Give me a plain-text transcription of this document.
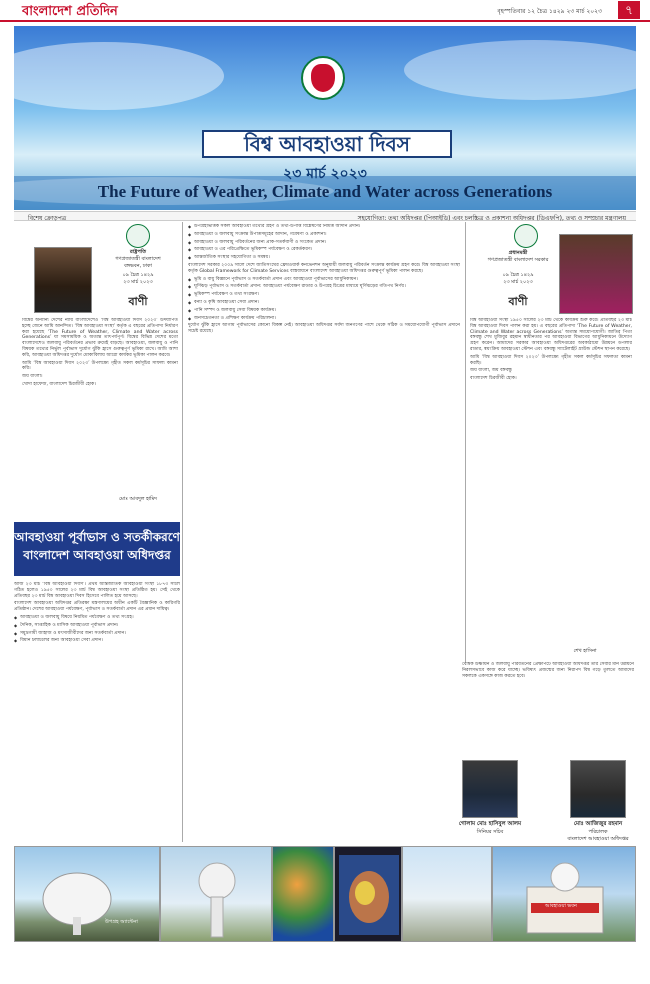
বাংলাদেশ প্রতিদিন	বৃহস্পতিবার ১২ চৈত্র ১৪২৯ ২৩ মার্চ ২০২৩	৭
বিশ্ব আবহাওয়া দিবস
২৩ মার্চ ২০২৩
The Future of Weather, Climate and Water across Generations
বিশেষ ক্রোড়পত্র	সহযোগিতা: তথ্য অধিদপ্তর (পিআইডি) এবং চলচ্চিত্র ও প্রকাশনা অধিদপ্তর (ডিএফপি), তথ্য ও সম্প্রচার মন্ত্রণালয়
রাষ্ট্রপতি
গণপ্রজাতন্ত্রী বাংলাদেশ
বঙ্গভবন, ঢাকা
০৯ চৈত্র ১৪২৯
২৩ মার্চ ২০২৩
বাণী

বিশ্বের অন্যান্য দেশের ন্যায় বাংলাদেশেও ‘বিশ্ব আবহাওয়া দিবস ২০২৩’ উদযাপিত হচ্ছে জেনে আমি আনন্দিত। ‘বিশ্ব আবহাওয়া সংস্থা’ কর্তৃক এ বছরের প্রতিপাদ্য নির্ধারণ করা হয়েছে ‘The Future of Weather, Climate and Water across Generations’ যা সমসাময়িক ও অত্যন্ত তাৎপর্যপূর্ণ। বিশ্বের বিভিন্ন দেশের মতো বাংলাদেশেও জলবায়ু পরিবর্তনের প্রভাব ক্রমেই বাড়ছে। আবহাওয়া, জলবায়ু ও পানি বিষয়ক তথ্যের নির্ভুল পূর্বাভাস দুর্যোগ ঝুঁকি হ্রাসে গুরুত্বপূর্ণ ভূমিকা রাখে। আমি আশা করি, আবহাওয়া অধিদপ্তর দুর্যোগ মোকাবিলায় আরো কার্যকর ভূমিকা পালন করবে।

আমি ‘বিশ্ব আবহাওয়া দিবস ২০২৩’ উপলক্ষ্যে গৃহীত সকল কর্মসূচির সাফল্য কামনা করি।

জয় বাংলা।

খোদা হাফেজ, বাংলাদেশ চিরজীবী হোক।

মোঃ আবদুল হামিদ
প্রধানমন্ত্রী
গণপ্রজাতন্ত্রী বাংলাদেশ সরকার
০৯ চৈত্র ১৪২৯
২৩ মার্চ ২০২৩
বাণী

বিশ্ব আবহাওয়া সংস্থা ১৯৫০ সালের ২৩ মার্চ থেকে কার্যক্রম শুরু করে। প্রতিবছর ২৩ মার্চ বিশ্ব আবহাওয়া দিবস পালন করা হয়। এ বছরের প্রতিপাদ্য ‘The Future of Weather, Climate and Water across Generations’ অত্যন্ত সময়োপযোগী। জাতির পিতা বঙ্গবন্ধু শেখ মুজিবুর রহমান স্বাধীনতার পর আবহাওয়া বিভাগের আধুনিকায়নে উদ্যোগ গ্রহণ করেন। আমাদের সরকার আবহাওয়া অধিদপ্তরের অবকাঠামো উন্নয়নে ডপলার রাডার, স্বয়ংক্রিয় আবহাওয়া স্টেশন এবং বঙ্গবন্ধু স্যাটেলাইট গ্রাউন্ড স্টেশন স্থাপন করেছে।

আমি ‘বিশ্ব আবহাওয়া দিবস ২০২৩’ উপলক্ষ্যে গৃহীত সকল কর্মসূচির সফলতা কামনা করছি।

জয় বাংলা, জয় বঙ্গবন্ধু

বাংলাদেশ চিরজীবী হোক।

শেখ হাসিনা
◆ উপগ্রহভিত্তিক সকল আবহাওয়া তথ্যের গ্রহণ ও তথ্য-উপাত্ত বিশ্লেষণের নিমিত্ত আদান প্রদান।
◆ আবহাওয়া ও জলবায়ু সংক্রান্ত উপাত্তসমূহের আদান, গবেষণা ও প্রকাশনা।
◆ আবহাওয়া ও জলবায়ু পরিবর্তনের জন্য প্রাক-সতর্কবাণী ও সংকেত প্রদান।
◆ আবহাওয়া ও এর পরিপ্রেক্ষিতে ভূমিকম্প পর্যবেক্ষণ ও রেকর্ডকরণ।
◆ আন্তর্জাতিক সংস্থার সহযোগিতা ও সমন্বয়।

বাংলাদেশ সরকার ২০০৯ সালে দেশে জাতিসংঘের ফ্রেমওয়ার্ক কনভেনশন অনুযায়ী জলবায়ু পরিবর্তন সংক্রান্ত কার্যক্রম গ্রহণ করে। বিশ্ব আবহাওয়া সংস্থা কর্তৃক Global Framework for Climate Services বাস্তবায়নে বাংলাদেশ আবহাওয়া অধিদপ্তর গুরুত্বপূর্ণ ভূমিকা পালন করছে।

◆ ভূমি ও বায়ু বিজ্ঞানে পূর্বাভাস ও সতর্কবার্তা প্রদান এবং আবহাওয়া পূর্বাভাসের আধুনিকায়ন।
◆ ঘূর্ণিঝড় পূর্বাভাস ও সতর্কবার্তা প্রদান: আবহাওয়া পর্যবেক্ষণ রাডার ও উপগ্রহ চিত্রের মাধ্যমে ঘূর্ণিঝড়ের গতিপথ নির্ণয়।
◆ ভূমিকম্প পর্যবেক্ষণ ও তথ্য সংরক্ষণ।
◆ বন্যা ও কৃষি আবহাওয়া সেবা প্রদান।
◆ পানি সম্পদ ও জলবায়ু সেবা বিষয়ক কার্যক্রম।
◆ জনসচেতনতা ও প্রশিক্ষণ কার্যক্রম পরিচালনা।

দুর্যোগ ঝুঁকি হ্রাসে আগাম পূর্বাভাসের কোনো বিকল্প নেই। আবহাওয়া অধিদপ্তর সর্বদা জনগণের পাশে থেকে সঠিক ও সময়োপযোগী পূর্বাভাস প্রদানে সচেষ্ট রয়েছে।

আবহাওয়া পূর্বাভাস ও সতর্কীকরণে
বাংলাদেশ আবহাওয়া অধিদপ্তর

আজ ২৩ মার্চ ‘বিশ্ব আবহাওয়া দিবস’। প্রথম আন্তর্জাতিক আবহাওয়া সংস্থা ১৮৭৩ সালে গঠিত হলেও ১৯৫০ সালের ২৩ মার্চ বিশ্ব আবহাওয়া সংস্থা প্রতিষ্ঠিত হয়। সেই থেকে প্রতিবছর ২৩ মার্চ বিশ্ব আবহাওয়া দিবস হিসেবে পালিত হয়ে আসছে।

বাংলাদেশ আবহাওয়া অধিদপ্তর প্রতিরক্ষা মন্ত্রণালয়ের অধীন একটি বৈজ্ঞানিক ও কারিগরি প্রতিষ্ঠান। দেশের আবহাওয়া পর্যবেক্ষণ, পূর্বাভাস ও সতর্কবার্তা প্রদান এর প্রধান দায়িত্ব।

◆ আবহাওয়া ও জলবায়ু বিষয়ে নিয়মিত পর্যবেক্ষণ ও তথ্য সংগ্রহ।
◆ দৈনিক, সাপ্তাহিক ও মাসিক আবহাওয়া পূর্বাভাস প্রদান।
◆ সমুদ্রগামী জাহাজ ও মৎস্যজীবীদের জন্য সতর্কবার্তা প্রদান।
◆ বিমান চলাচলের জন্য আবহাওয়া সেবা প্রদান।

বৈশ্বিক উষ্ণায়ন ও জলবায়ু পরিবর্তনের প্রেক্ষাপটে আবহাওয়া অধিদপ্তর তার সেবার মান উন্নয়নে নিরলসভাবে কাজ করে যাচ্ছে। ভবিষ্যৎ প্রজন্মের জন্য নিরাপদ বিশ্ব গড়ে তুলতে আমাদের সকলকে একসঙ্গে কাজ করতে হবে।

গোলাম মোঃ হাসিবুল আলম
সিনিয়র সচিব
মোঃ আজিজুর রহমান
পরিচালক
বাংলাদেশ আবহাওয়া অধিদপ্তর
উপগ্রহ অ্যান্টেনা
আবহাওয়া ভবন
